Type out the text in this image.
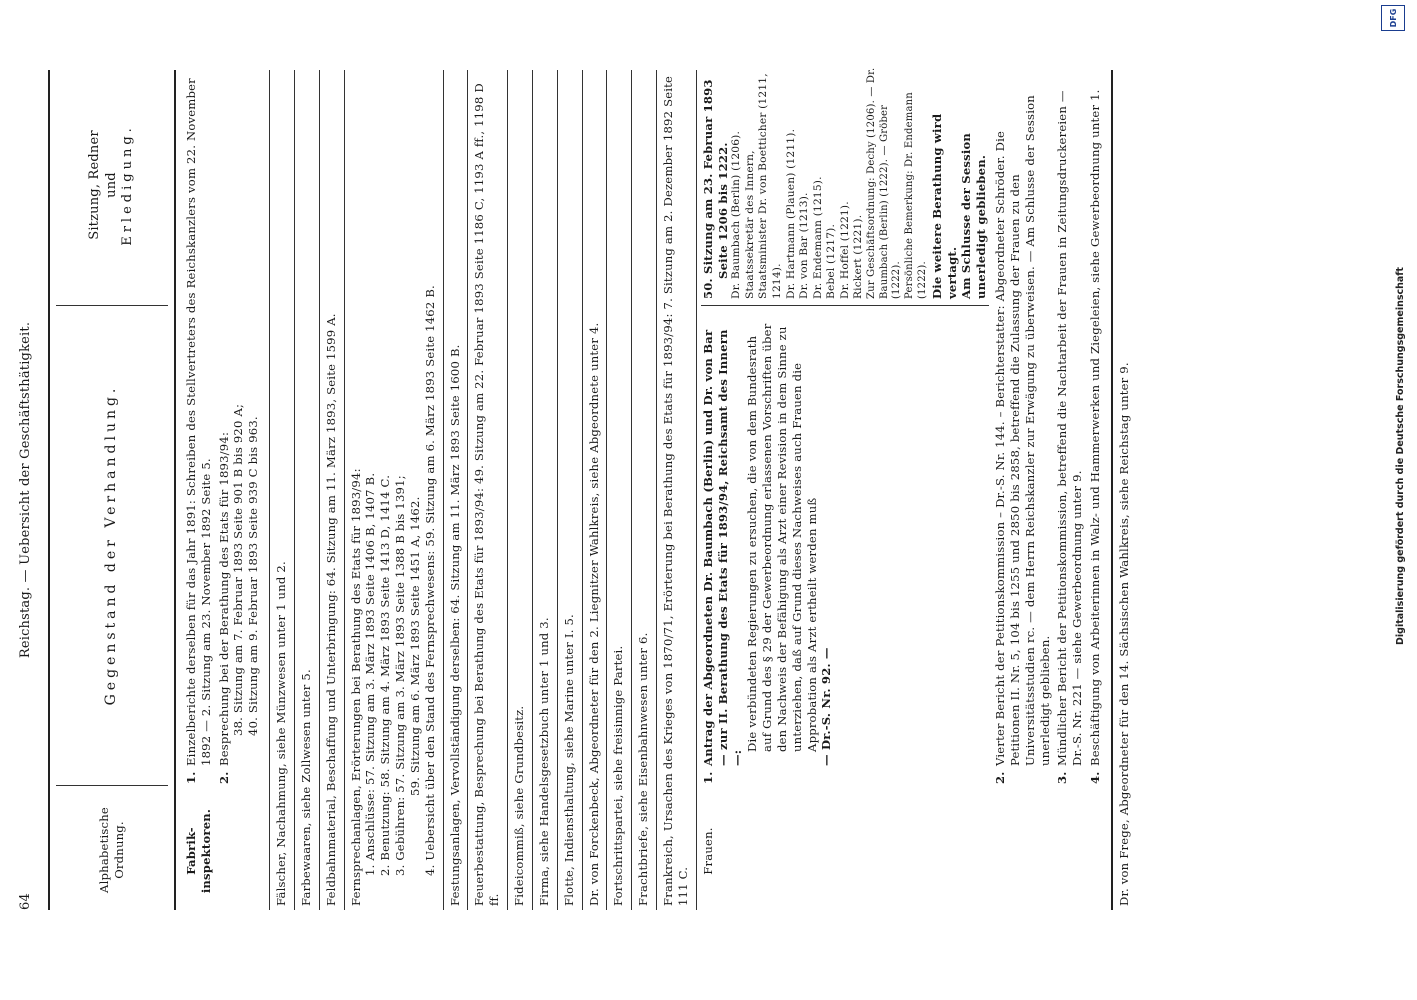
64
Reichstag. — Uebersicht der Geschäftsthätigkeit.
Alphabetische Ordnung.
Gegenstand der Verhandlung.
Sitzung, Redner und Erledigung.
Fabrik-inspektoren.
1.
Einzelberichte derselben für das Jahr 1891: Schreiben des Stellvertreters des Reichskanzlers vom 22. November 1892 — 2. Sitzung am 23. November 1892 Seite 5.
2.
Besprechung bei der Berathung des Etats für 1893/94: 38. Sitzung am 7. Februar 1893 Seite 901 B bis 920 A; 40. Sitzung am 9. Februar 1893 Seite 939 C bis 963.	Fälscher, Nachahmung, siehe Münzwesen unter 1 und 2. Farbewaaren, siehe Zollwesen unter 5. Feldbahnmaterial, Beschaffung und Unterbringung: 64. Sitzung am 11. März 1893, Seite 1599 A. Fernsprechanlagen, Erörterungen bei Berathung des Etats für 1893/94: 1. Anschlüsse: 57. Sitzung am 3. März 1893 Seite 1406 B, 1407 B. 2. Benutzung: 58. Sitzung am 4. März 1893 Seite 1413 D, 1414 C. 3. Gebühren: 57. Sitzung am 3. März 1893 Seite 1388 B bis 1391; 59. Sitzung am 6. März 1893 Seite 1451 A, 1462. 4. Uebersicht über den Stand des Fernsprechwesens: 59. Sitzung am 6. März 1893 Seite 1462 B. Festungsanlagen, Vervollständigung derselben: 64. Sitzung am 11. März 1893 Seite 1600 B. Feuerbestattung, Besprechung bei Berathung des Etats für 1893/94: 49. Sitzung am 22. Februar 1893 Seite 1186 C, 1193 A ff., 1198 D ff. Fideicommiß, siehe Grundbesitz. Firma, siehe Handelsgesetzbuch unter 1 und 3. Flotte, Indiensthaltung, siehe Marine unter I. 5. Dr. von Forckenbeck, Abgeordneter für den 2. Liegnitzer Wahlkreis, siehe Abgeordnete unter 4. Fortschrittspartei, siehe freisinnige Partei. Frachtbriefe, siehe Eisenbahnwesen unter 6. Frankreich, Ursachen des Krieges von 1870/71, Erörterung bei Berathung des Etats für 1893/94: 7. Sitzung am 2. Dezember 1892 Seite 111 C.
Frauen.
1.
Antrag der Abgeordneten Dr. Baumbach (Berlin) und Dr. von Bar — zur II. Berathung des Etats für 1893/94, Reichsamt des Innern —:
Die verbündeten Regierungen zu ersuchen, die von dem Bundesrath auf Grund des § 29 der Gewerbeordnung erlassenen Vorschriften über den Nachweis der Befähigung als Arzt einer Revision in dem Sinne zu unterziehen, daß auf Grund dieses Nachweises auch Frauen die Approbation als Arzt ertheilt werden muß — Dr.-S. Nr. 92. —
50. Sitzung am 23. Februar 1893 Seite 1206 bis 1222. Dr. Baumbach (Berlin) (1206). Staatssekretär des Innern, Staatsminister Dr. von Boetticher (1211, 1214). Dr. Hartmann (Plauen) (1211). Dr. von Bar (1213). Dr. Endemann (1215). Bebel (1217). Dr. Hoffel (1221). Rickert (1221). Zur Geschäftsordnung: Dechy (1206). — Dr. Baumbach (Berlin) (1222). — Gröber (1222). Persönliche Bemerkung: Dr. Endemann (1222). Die weitere Berathung wird vertagt. Am Schlusse der Session unerledigt geblieben.
2.
Vierter Bericht der Petitionskommission – Dr.-S. Nr. 144. – Berichterstatter: Abgeordneter Schröder. Die Petitionen II. Nr. 5, 104 bis 1255 und 2850 bis 2858, betreffend die Zulassung der Frauen zu den Universitätsstudien rc. — dem Herrn Reichskanzler zur Erwägung zu überweisen. — Am Schlusse der Session unerledigt geblieben.
3.
Mündlicher Bericht der Petitionskommission, betreffend die Nachtarbeit der Frauen in Zeitungsdruckereien — Dr.-S. Nr. 221 — siehe Gewerbeordnung unter 9.
4.
Beschäftigung von Arbeiterinnen in Walz- und Hammerwerken und Ziegeleien, siehe Gewerbeordnung unter 1. Dr. von Frege, Abgeordneter für den 14. Sächsischen Wahlkreis, siehe Reichstag unter 9.
DFG
Digitalisierung gefördert durch die Deutsche Forschungsgemeinschaft
